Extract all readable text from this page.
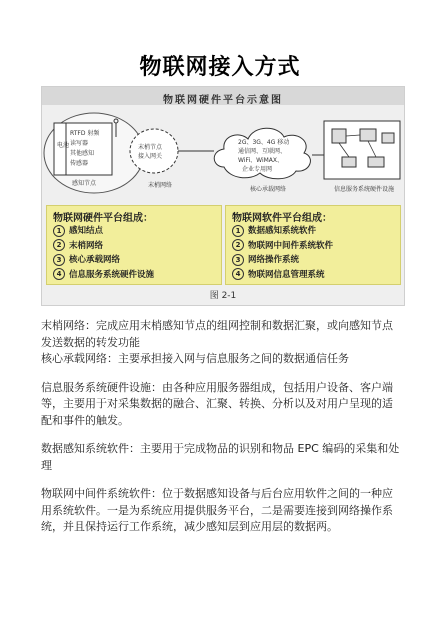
物联网接入方式
物联网硬件平台示意图
电池
RTFD 射频
读写器
其他感知
传感器
感知节点
末梢节点
接入网关
末梢网络
2G、3G、4G 移动
通信网、互联网、
WiFi、WiMAX、
企业专用网
核心承载网络	信息服务系统硬件设施
物联网硬件平台组成：
1 感知结点
2 末梢网络
3 核心承载网络
4 信息服务系统硬件设施
物联网软件平台组成：
1 数据感知系统软件
2 物联网中间件系统软件
3 网络操作系统
4 物联网信息管理系统
图 2-1

末梢网络：完成应用末梢感知节点的组网控制和数据汇聚，或向感知节点发送数据的转发功能

核心承载网络：主要承担接入网与信息服务之间的数据通信任务

信息服务系统硬件设施：由各种应用服务器组成，包括用户设备、客户端等，主要用于对采集数据的融合、汇聚、转换、分析以及对用户呈现的适配和事件的触发。

数据感知系统软件：主要用于完成物品的识别和物品 EPC 编码的采集和处理

物联网中间件系统软件：位于数据感知设备与后台应用软件之间的一种应用系统软件。一是为系统应用提供服务平台，二是需要连接到网络操作系统，并且保持运行工作系统，减少感知层到应用层的数据两。
